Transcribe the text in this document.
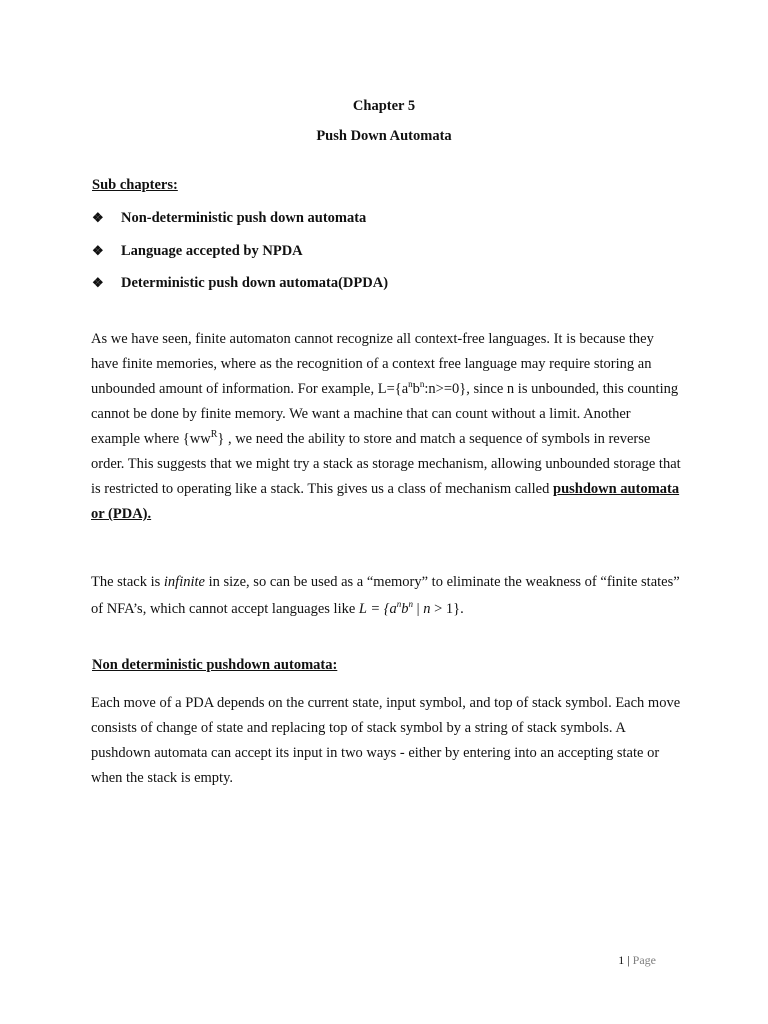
Chapter 5
Push Down Automata
Sub chapters:
❖	Non-deterministic push down automata
❖	Language accepted by NPDA
❖	Deterministic push down automata(DPDA)

As we have seen, finite automaton cannot recognize all context-free languages. It is because they have finite memories, where as the recognition of a context free language may require storing an unbounded amount of information. For example, $L=\{a^nb^n:n>=0\}$, since n is unbounded, this counting cannot be done by finite memory. We want a machine that can count without a limit. Another example where $\{ww^R\}$ , we need the ability to store and match a sequence of symbols in reverse order. This suggests that we might try a stack as storage mechanism, allowing unbounded storage that is restricted to operating like a stack. This gives us a class of mechanism called pushdown automata or (PDA).

The stack is infinite in size, so can be used as a “memory” to eliminate the weakness of “finite states” of NFA’s, which cannot accept languages like $L = \{a^nb^n$ | n > 1}.

Non deterministic pushdown automata:

Each move of a PDA depends on the current state, input symbol, and top of stack symbol. Each move consists of change of state and replacing top of stack symbol by a string of stack symbols. A pushdown automata can accept its input in two ways - either by entering into an accepting state or when the stack is empty.

1 | Page
